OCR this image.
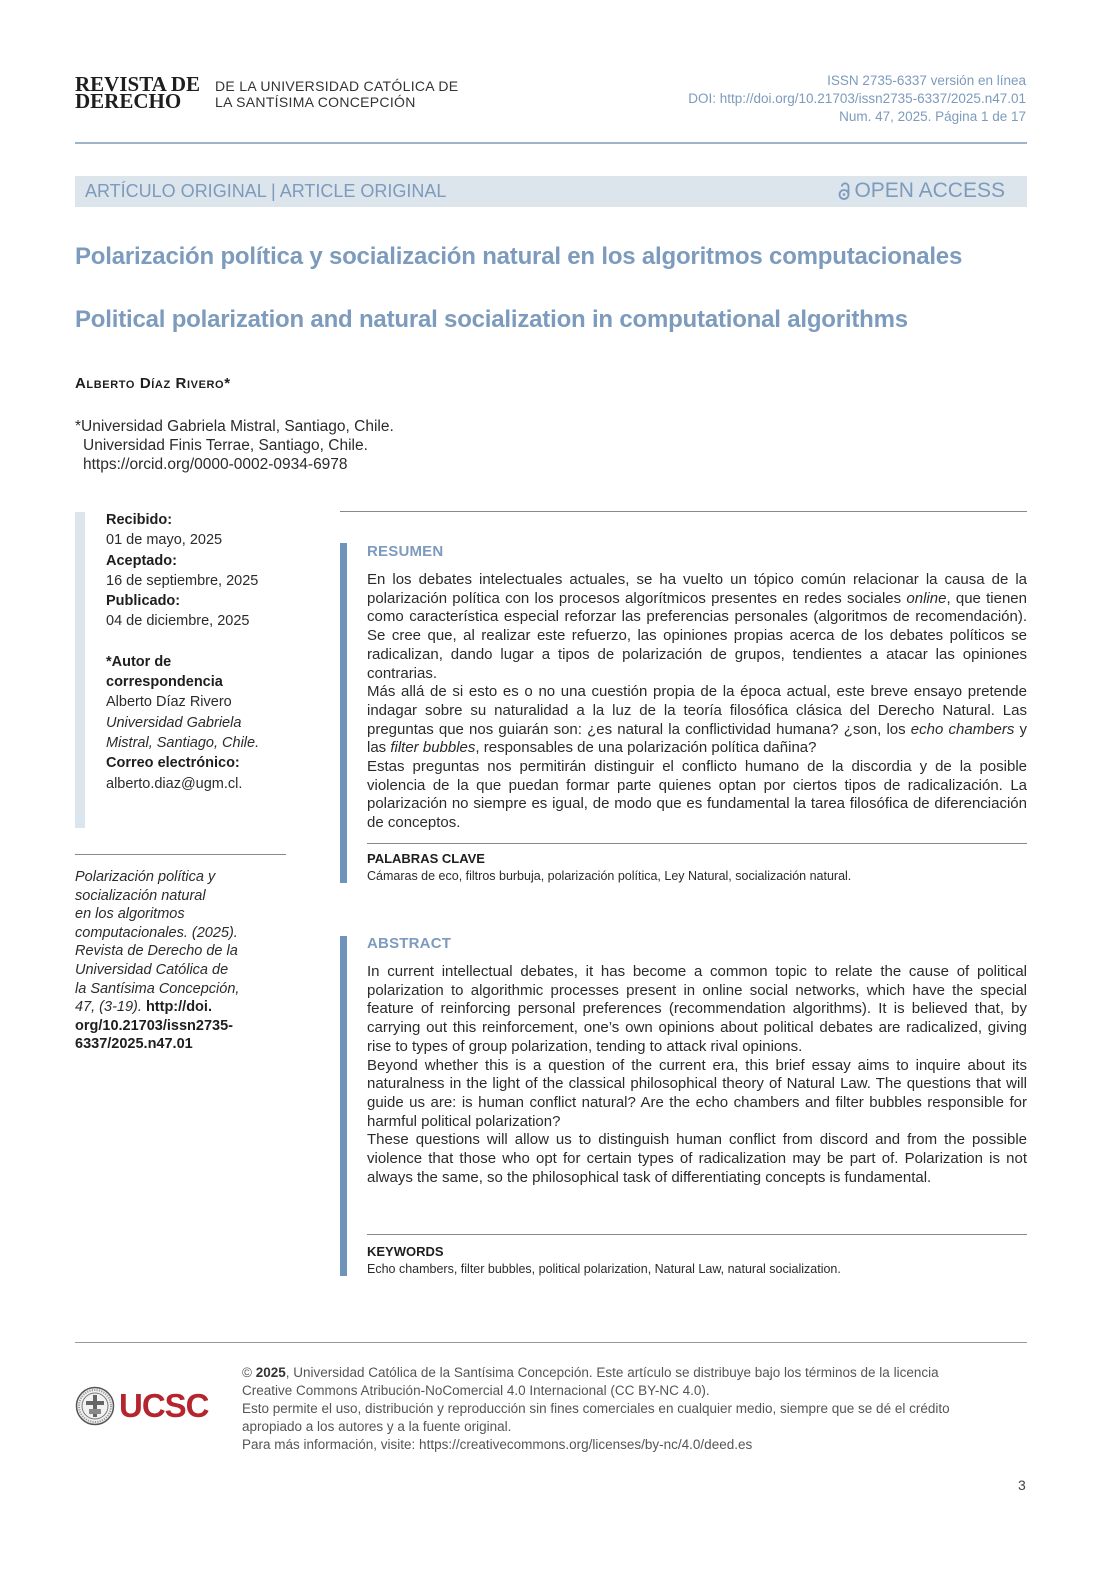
REVISTA DE
DERECHO
DE LA UNIVERSIDAD CATÓLICA DE
LA SANTÍSIMA CONCEPCIÓN
ISSN 2735-6337 versión en línea
DOI: http://doi.org/10.21703/issn2735-6337/2025.n47.01
Num. 47, 2025. Página 1 de 17
ARTÍCULO ORIGINAL | ARTICLE ORIGINAL	OPEN ACCESS
Polarización política y socialización natural en los algoritmos computacionales
Political polarization and natural socialization in computational algorithms
Alberto Díaz Rivero*
*Universidad Gabriela Mistral, Santiago, Chile.
Universidad Finis Terrae, Santiago, Chile.
https://orcid.org/0000-0002-0934-6978
Recibido:
01 de mayo, 2025
Aceptado:
16 de septiembre, 2025
Publicado:
04 de diciembre, 2025
*Autor de
correspondencia
Alberto Díaz Rivero
Universidad Gabriela
Mistral, Santiago, Chile.
Correo electrónico:
alberto.diaz@ugm.cl.
Polarización política y
socialización natural
en los algoritmos
computacionales. (2025).
Revista de Derecho de la
Universidad Católica de
la Santísima Concepción,
47, (3-19). http://doi.
org/10.21703/issn2735-
6337/2025.n47.01
RESUMEN

En los debates intelectuales actuales, se ha vuelto un tópico común relacionar la causa de la polarización política con los procesos algorítmicos presentes en redes sociales online, que tienen como característica especial reforzar las preferencias personales (algoritmos de recomendación). Se cree que, al realizar este refuerzo, las opiniones propias acerca de los debates políticos se radicalizan, dando lugar a tipos de polarización de grupos, tendientes a atacar las opiniones contrarias.

Más allá de si esto es o no una cuestión propia de la época actual, este breve ensayo pretende indagar sobre su naturalidad a la luz de la teoría filosófica clásica del Derecho Natural. Las preguntas que nos guiarán son: ¿es natural la conflictividad humana? ¿son, los echo chambers y las filter bubbles, responsables de una polarización política dañina?

Estas preguntas nos permitirán distinguir el conflicto humano de la discordia y de la posible violencia de la que puedan formar parte quienes optan por ciertos tipos de radicalización. La polarización no siempre es igual, de modo que es fundamental la tarea filosófica de diferenciación de conceptos.

PALABRAS CLAVE
Cámaras de eco, filtros burbuja, polarización política, Ley Natural, socialización natural.
ABSTRACT

In current intellectual debates, it has become a common topic to relate the cause of political polarization to algorithmic processes present in online social networks, which have the special feature of reinforcing personal preferences (recommendation algorithms). It is believed that, by carrying out this reinforcement, one’s own opinions about political debates are radicalized, giving rise to types of group polarization, tending to attack rival opinions.

Beyond whether this is a question of the current era, this brief essay aims to inquire about its naturalness in the light of the classical philosophical theory of Natural Law. The questions that will guide us are: is human conflict natural? Are the echo chambers and filter bubbles responsible for harmful political polarization?

These questions will allow us to distinguish human conflict from discord and from the possible violence that those who opt for certain types of radicalization may be part of. Polarization is not always the same, so the philosophical task of differentiating concepts is fundamental.

KEYWORDS
Echo chambers, filter bubbles, political polarization, Natural Law, natural socialization.
UCSC
© 2025, Universidad Católica de la Santísima Concepción. Este artículo se distribuye bajo los términos de la licencia
Creative Commons Atribución-NoComercial 4.0 Internacional (CC BY-NC 4.0).
Esto permite el uso, distribución y reproducción sin fines comerciales en cualquier medio, siempre que se dé el crédito
apropiado a los autores y a la fuente original.
Para más información, visite: https://creativecommons.org/licenses/by-nc/4.0/deed.es
3
